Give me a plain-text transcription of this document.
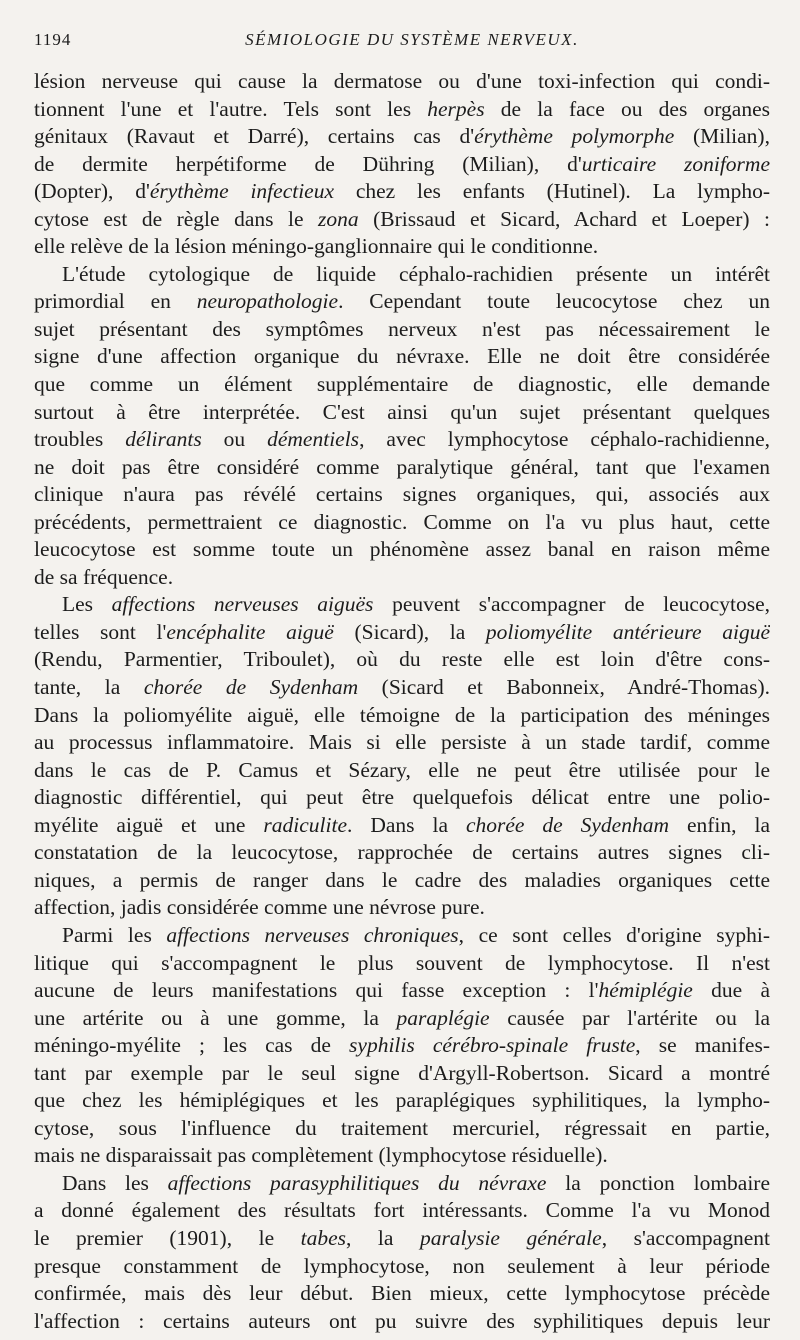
1194	SÉMIOLOGIE DU SYSTÈME NERVEUX.
lésion nerveuse qui cause la dermatose ou d'une toxi-infection qui condi-
tionnent l'une et l'autre. Tels sont les herpès de la face ou des organes
génitaux (Ravaut et Darré), certains cas d'érythème polymorphe (Milian),
de dermite herpétiforme de Dühring (Milian), d'urticaire zoniforme
(Dopter), d'érythème infectieux chez les enfants (Hutinel). La lympho-
cytose est de règle dans le zona (Brissaud et Sicard, Achard et Loeper) :
elle relève de la lésion méningo-ganglionnaire qui le conditionne.
L'étude cytologique de liquide céphalo-rachidien présente un intérêt
primordial en neuropathologie. Cependant toute leucocytose chez un
sujet présentant des symptômes nerveux n'est pas nécessairement le
signe d'une affection organique du névraxe. Elle ne doit être considérée
que comme un élément supplémentaire de diagnostic, elle demande
surtout à être interprétée. C'est ainsi qu'un sujet présentant quelques
troubles délirants ou démentiels, avec lymphocytose céphalo-rachidienne,
ne doit pas être considéré comme paralytique général, tant que l'examen
clinique n'aura pas révélé certains signes organiques, qui, associés aux
précédents, permettraient ce diagnostic. Comme on l'a vu plus haut, cette
leucocytose est somme toute un phénomène assez banal en raison même
de sa fréquence.
Les affections nerveuses aiguës peuvent s'accompagner de leucocytose,
telles sont l'encéphalite aiguë (Sicard), la poliomyélite antérieure aiguë
(Rendu, Parmentier, Triboulet), où du reste elle est loin d'être cons-
tante, la chorée de Sydenham (Sicard et Babonneix, André-Thomas).
Dans la poliomyélite aiguë, elle témoigne de la participation des méninges
au processus inflammatoire. Mais si elle persiste à un stade tardif, comme
dans le cas de P. Camus et Sézary, elle ne peut être utilisée pour le
diagnostic différentiel, qui peut être quelquefois délicat entre une polio-
myélite aiguë et une radiculite. Dans la chorée de Sydenham enfin, la
constatation de la leucocytose, rapprochée de certains autres signes cli-
niques, a permis de ranger dans le cadre des maladies organiques cette
affection, jadis considérée comme une névrose pure.
Parmi les affections nerveuses chroniques, ce sont celles d'origine syphi-
litique qui s'accompagnent le plus souvent de lymphocytose. Il n'est
aucune de leurs manifestations qui fasse exception : l'hémiplégie due à
une artérite ou à une gomme, la paraplégie causée par l'artérite ou la
méningo-myélite ; les cas de syphilis cérébro-spinale fruste, se manifes-
tant par exemple par le seul signe d'Argyll-Robertson. Sicard a montré
que chez les hémiplégiques et les paraplégiques syphilitiques, la lympho-
cytose, sous l'influence du traitement mercuriel, régressait en partie,
mais ne disparaissait pas complètement (lymphocytose résiduelle).
Dans les affections parasyphilitiques du névraxe la ponction lombaire
a donné également des résultats fort intéressants. Comme l'a vu Monod
le premier (1901), le tabes, la paralysie générale, s'accompagnent
presque constamment de lymphocytose, non seulement à leur période
confirmée, mais dès leur début. Bien mieux, cette lymphocytose précède
l'affection : certains auteurs ont pu suivre des syphilitiques depuis leur
